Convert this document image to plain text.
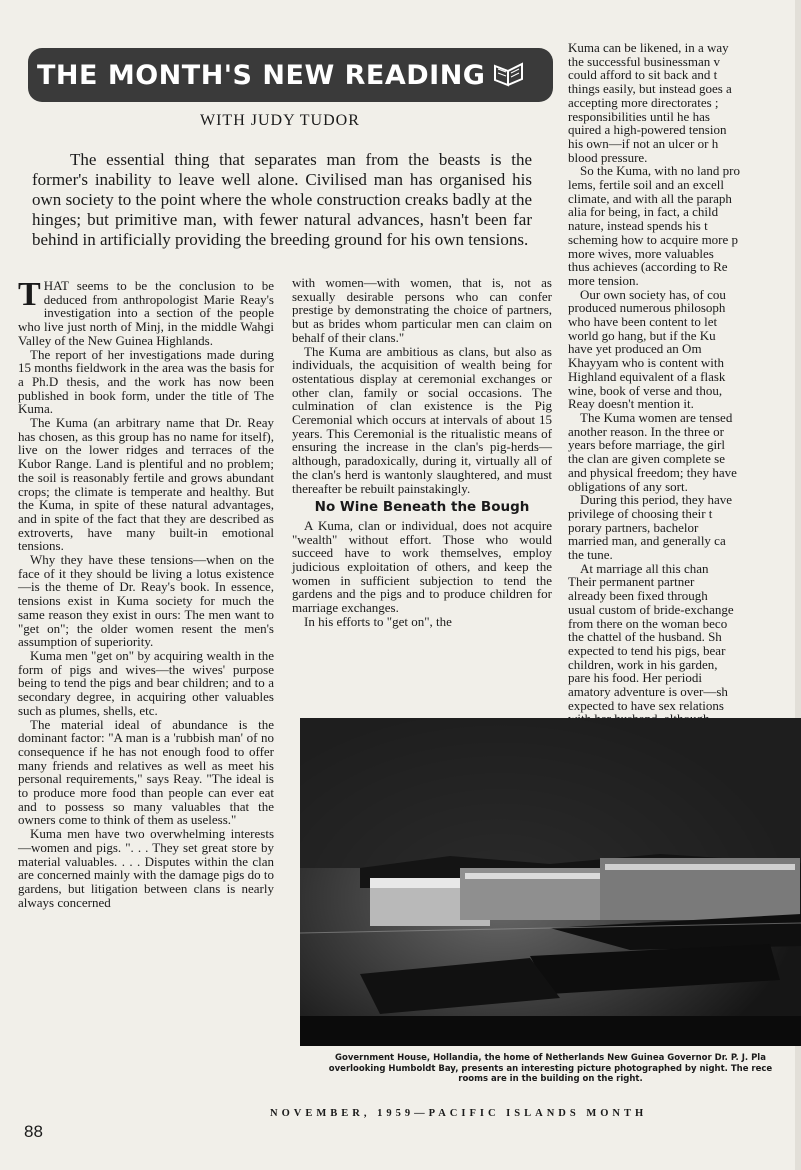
THE MONTH'S NEW READING
WITH JUDY TUDOR
The essential thing that separates man from the beasts is the former's inability to leave well alone. Civilised man has organised his own society to the point where the whole construction creaks badly at the hinges; but primitive man, with fewer natural advances, hasn't been far behind in artificially providing the breeding ground for his own tensions.

THAT seems to be the conclusion to be deduced from anthropologist Marie Reay's investigation into a section of the people who live just north of Minj, in the middle Wahgi Valley of the New Guinea Highlands.

The report of her investigations made during 15 months fieldwork in the area was the basis for a Ph.D thesis, and the work has now been published in book form, under the title of The Kuma.

The Kuma (an arbitrary name that Dr. Reay has chosen, as this group has no name for itself), live on the lower ridges and terraces of the Kubor Range. Land is plentiful and no problem; the soil is reasonably fertile and grows abundant crops; the climate is temperate and healthy. But the Kuma, in spite of these natural advantages, and in spite of the fact that they are described as extroverts, have many built-in emotional tensions.

Why they have these tensions—when on the face of it they should be living a lotus existence—is the theme of Dr. Reay's book. In essence, tensions exist in Kuma society for much the same reason they exist in ours: The men want to "get on"; the older women resent the men's assumption of superiority.

Kuma men "get on" by acquiring wealth in the form of pigs and wives—the wives' purpose being to tend the pigs and bear children; and to a secondary degree, in acquiring other valuables such as plumes, shells, etc.

The material ideal of abundance is the dominant factor: "A man is a 'rubbish man' of no consequence if he has not enough food to offer many friends and relatives as well as meet his personal requirements," says Reay. "The ideal is to produce more food than people can ever eat and to possess so many valuables that the owners come to think of them as useless."

Kuma men have two overwhelming interests—women and pigs. ". . . They set great store by material valuables. . . . Disputes within the clan are concerned mainly with the damage pigs do to gardens, but litigation between clans is nearly always concerned

with women—with women, that is, not as sexually desirable persons who can confer prestige by demonstrating the choice of partners, but as brides whom particular men can claim on behalf of their clans."

The Kuma are ambitious as clans, but also as individuals, the acquisition of wealth being for ostentatious display at ceremonial exchanges or other clan, family or social occasions. The culmination of clan existence is the Pig Ceremonial which occurs at intervals of about 15 years. This Ceremonial is the ritualistic means of ensuring the increase in the clan's pig-herds—although, paradoxically, during it, virtually all of the clan's herd is wantonly slaughtered, and must thereafter be rebuilt painstakingly.

No Wine Beneath the Bough

A Kuma, clan or individual, does not acquire "wealth" without effort. Those who would succeed have to work themselves, employ judicious exploitation of others, and keep the women in sufficient subjection to tend the gardens and the pigs and to produce children for marriage exchanges.

In his efforts to "get on", the

Kuma can be likened, in a way
the successful businessman v
could afford to sit back and t
things easily, but instead goes a
accepting more directorates ;
responsibilities until he has
quired a high-powered tension
his own—if not an ulcer or h
blood pressure.
So the Kuma, with no land pro
lems, fertile soil and an excell
climate, and with all the paraph
alia for being, in fact, a child
nature, instead spends his t
scheming how to acquire more p
more wives, more valuables
thus achieves (according to Re
more tension.
Our own society has, of cou
produced numerous philosoph
who have been content to let
world go hang, but if the Ku
have yet produced an Om
Khayyam who is content with
Highland equivalent of a flask
wine, book of verse and thou,
Reay doesn't mention it.
The Kuma women are tensed
another reason. In the three or
years before marriage, the girl
the clan are given complete se
and physical freedom; they have
obligations of any sort.
During this period, they have
privilege of choosing their t
porary partners, bachelor
married man, and generally ca
the tune.
At marriage all this chan
Their permanent partner
already been fixed through
usual custom of bride-exchange
from there on the woman beco
the chattel of the husband. Sh
expected to tend his pigs, bear
children, work in his garden,
pare his food. Her periodi
amatory adventure is over—sh
expected to have sex relations
Government House, Hollandia, the home of Netherlands New Guinea Governor Dr. P. J. Pla
overlooking Humboldt Bay, presents an interesting picture photographed by night. The rece
rooms are in the building on the right.
NOVEMBER, 1959—PACIFIC ISLANDS MONTH
88
